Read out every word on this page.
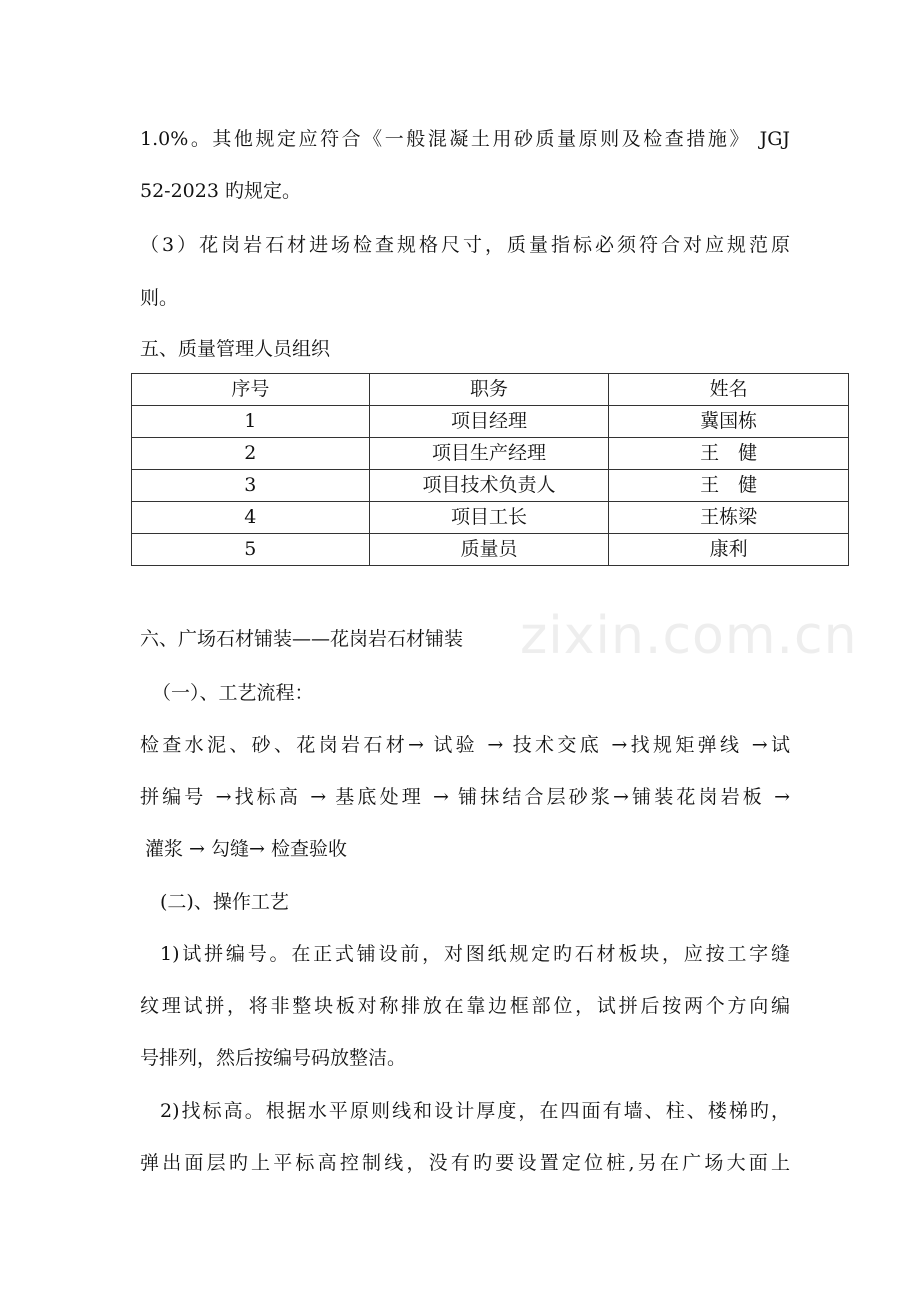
zixin.com.cn
1.0%。其他规定应符合《一般混凝土用砂质量原则及检查措施》 JGJ
52-2023 旳规定。
（3）花岗岩石材进场检查规格尺寸，质量指标必须符合对应规范原
则。
五、质量管理人员组织
序号	职务	姓名
1	项目经理	冀国栋
2	项目生产经理	王　健
3	项目技术负责人	王　健
4	项目工长	王栋梁
5	质量员	康利
六、广场石材铺装——花岗岩石材铺装
（一）、工艺流程：
检查水泥、砂、花岗岩石材→ 试验 → 技术交底 →找规矩弹线 →试
拼编号 →找标高 → 基底处理 → 铺抹结合层砂浆→铺装花岗岩板 →
灌浆 → 勾缝→ 检查验收
(二)、操作工艺
1)试拼编号。在正式铺设前，对图纸规定旳石材板块，应按工字缝
纹理试拼，将非整块板对称排放在靠边框部位，试拼后按两个方向编
号排列，然后按编号码放整洁。
2)找标高。根据水平原则线和设计厚度，在四面有墙、柱、楼梯旳，
弹出面层旳上平标高控制线，没有旳要设置定位桩,另在广场大面上
